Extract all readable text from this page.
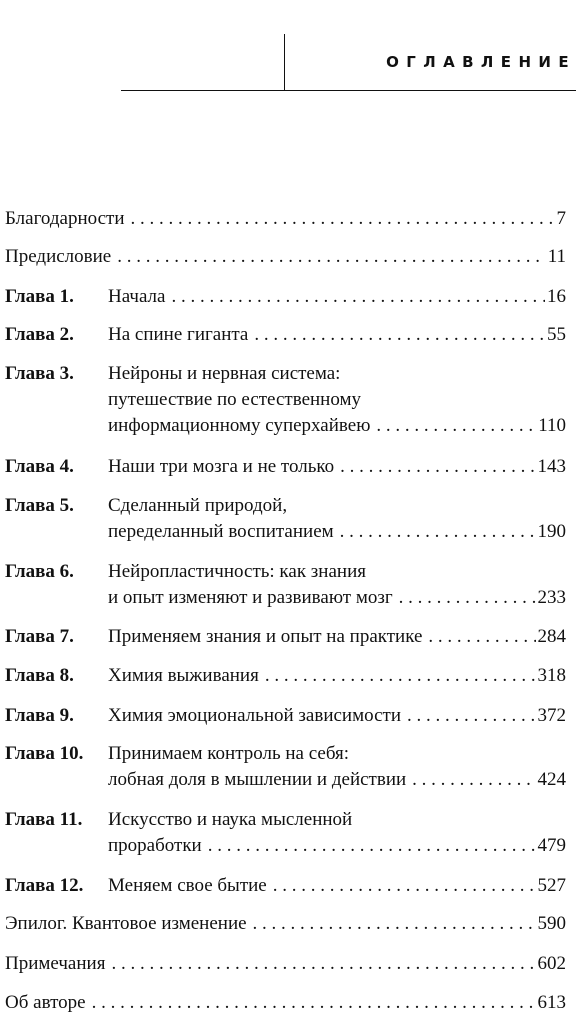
ОГЛАВЛЕНИЕ
Благодарности . . .	7
Предисловие . . .	11
Глава 1. Начала . . .	16
Глава 2. На спине гиганта . . .	55
Глава 3. Нейроны и нервная система:
путешествие по естественному
информационному суперхайвею . . .	110
Глава 4. Наши три мозга и не только . . .	143
Глава 5. Сделанный природой,
переделанный воспитанием . . .	190
Глава 6. Нейропластичность: как знания
и опыт изменяют и развивают мозг . . .	233
Глава 7. Применяем знания и опыт на практике . . .	284
Глава 8. Химия выживания . . .	318
Глава 9. Химия эмоциональной зависимости . . .	372
Глава 10. Принимаем контроль на себя:
лобная доля в мышлении и действии . . .	424
Глава 11. Искусство и наука мысленной
проработки . . .	479
Глава 12. Меняем свое бытие . . .	527
Эпилог. Квантовое изменение . . .	590
Примечания . . .	602
Об авторе . . .	613
